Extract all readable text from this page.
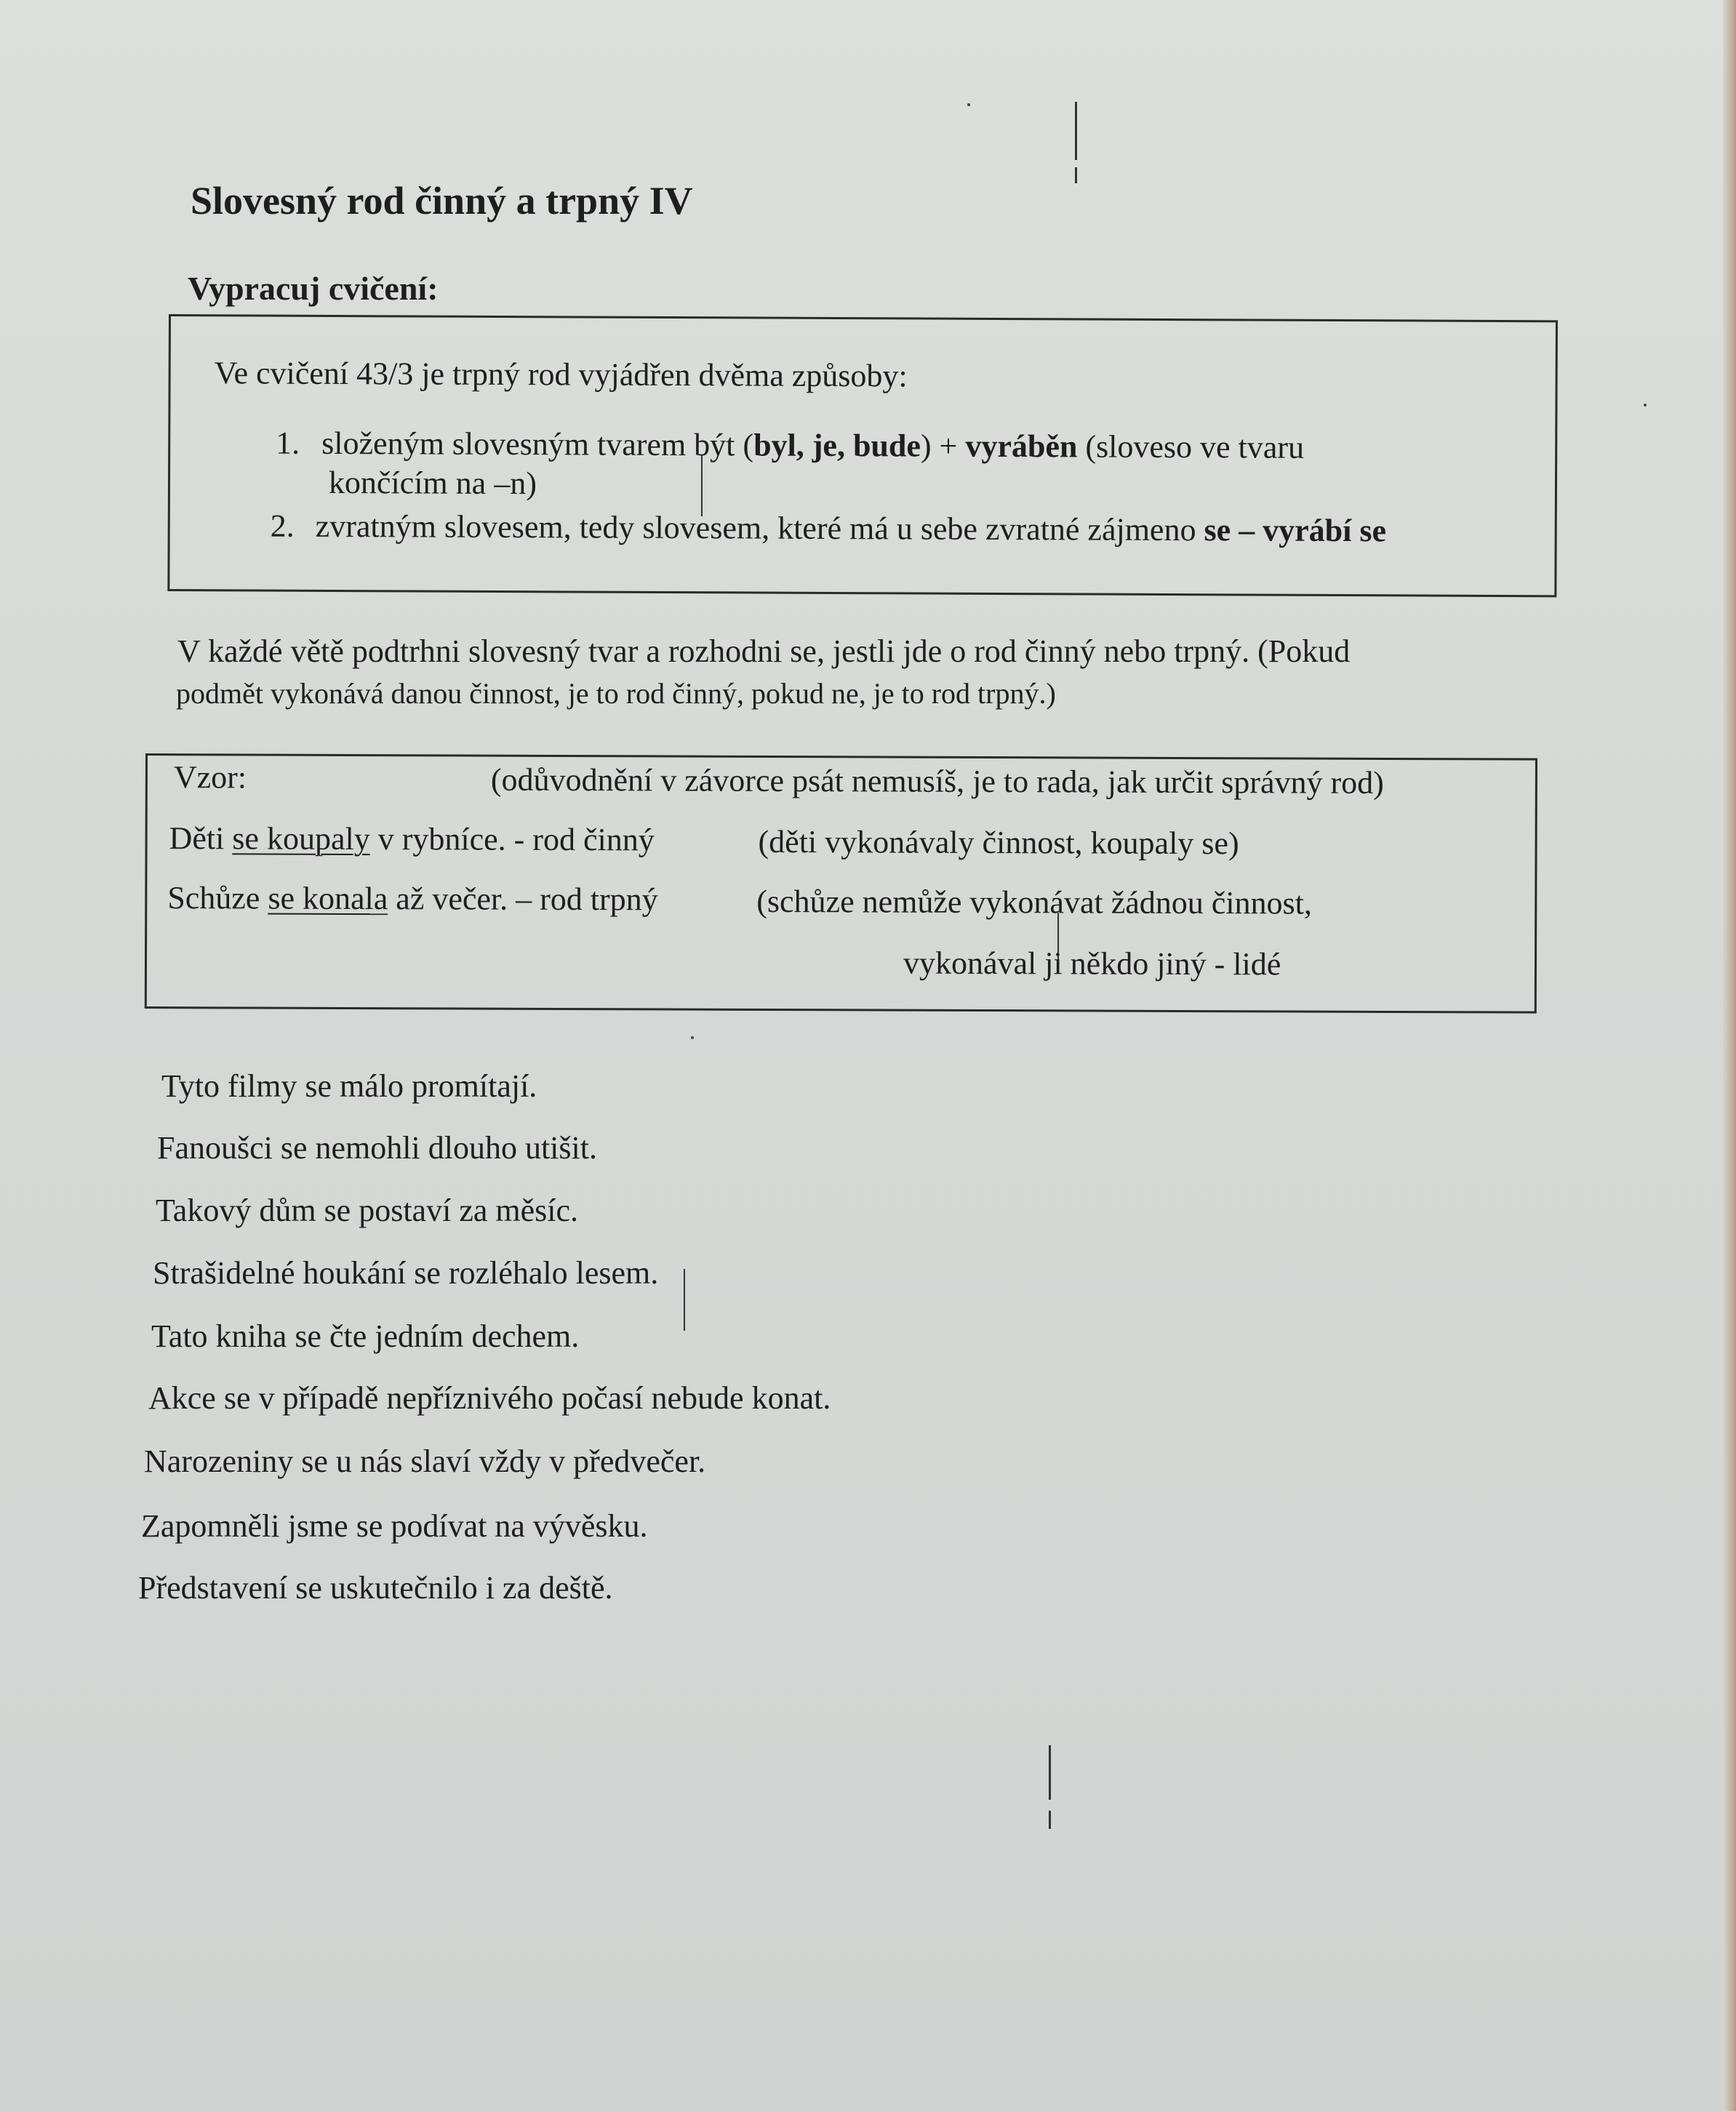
Slovesný rod činný a trpný IV
Vypracuj cvičení:
Ve cvičení 43/3 je trpný rod vyjádřen dvěma způsoby:
1. složeným slovesným tvarem být (byl, je, bude) + vyráběn (sloveso ve tvaru
končícím na –n)
2. zvratným slovesem, tedy slovesem, které má u sebe zvratné zájmeno se – vyrábí se
V každé větě podtrhni slovesný tvar a rozhodni se, jestli jde o rod činný nebo trpný. (Pokud
podmět vykonává danou činnost, je to rod činný, pokud ne, je to rod trpný.)
Vzor:	(odůvodnění v závorce psát nemusíš, je to rada, jak určit správný rod)
Děti se koupaly v rybníce. - rod činný	(děti vykonávaly činnost, koupaly se)
Schůze se konala až večer. – rod trpný	(schůze nemůže vykonávat žádnou činnost,
vykonával ji někdo jiný - lidé
Tyto filmy se málo promítají.
Fanoušci se nemohli dlouho utišit.
Takový dům se postaví za měsíc.
Strašidelné houkání se rozléhalo lesem.
Tato kniha se čte jedním dechem.
Akce se v případě nepříznivého počasí nebude konat.
Narozeniny se u nás slaví vždy v předvečer.
Zapomněli jsme se podívat na vývěsku.
Představení se uskutečnilo i za deště.
